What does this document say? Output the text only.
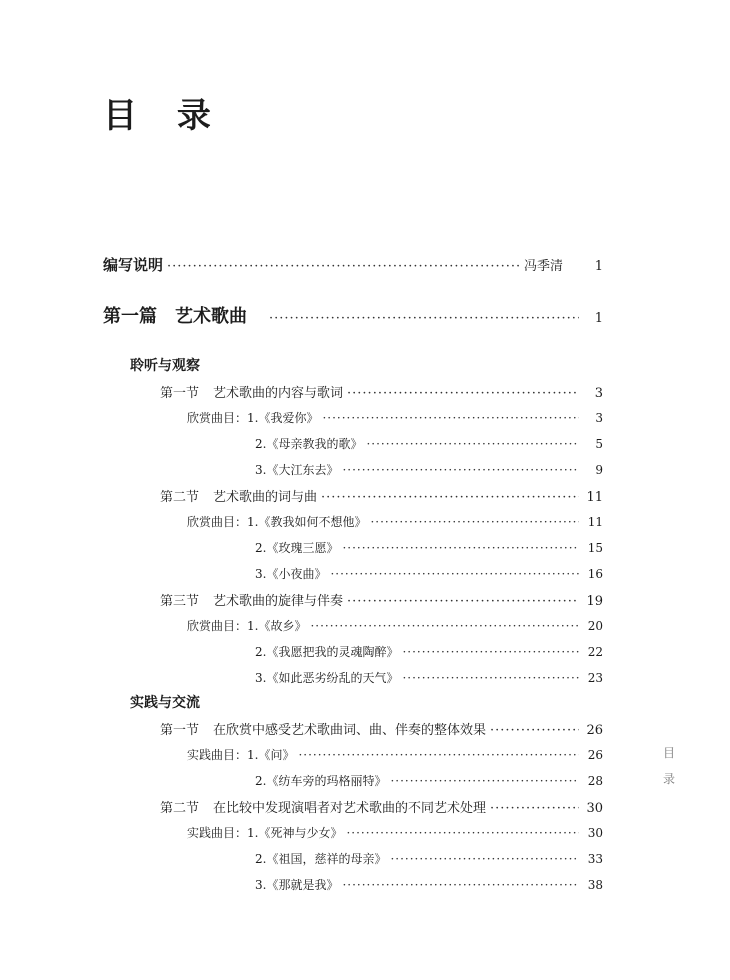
目 录
目
录
编写说明 ·····	冯季清	1
第一篇　艺术歌曲 ·····	1
聆听与观察
第一节 艺术歌曲的内容与歌词 ·····	3
欣赏曲目：1.《我爱你》 ·····	3
2.《母亲教我的歌》 ·····	5
3.《大江东去》 ·····	9
第二节 艺术歌曲的词与曲 ·····	11
欣赏曲目：1.《教我如何不想他》 ·····	11
2.《玫瑰三愿》 ·····	15
3.《小夜曲》 ·····	16
第三节 艺术歌曲的旋律与伴奏 ·····	19
欣赏曲目：1.《故乡》 ·····	20
2.《我愿把我的灵魂陶醉》 ·····	22
3.《如此恶劣纷乱的天气》 ·····	23
实践与交流
第一节 在欣赏中感受艺术歌曲词、曲、伴奏的整体效果 ·····	26
实践曲目：1.《问》 ·····	26
2.《纺车旁的玛格丽特》 ·····	28
第二节 在比较中发现演唱者对艺术歌曲的不同艺术处理 ·····	30
实践曲目：1.《死神与少女》 ·····	30
2.《祖国，慈祥的母亲》 ·····	33
3.《那就是我》 ·····	38
